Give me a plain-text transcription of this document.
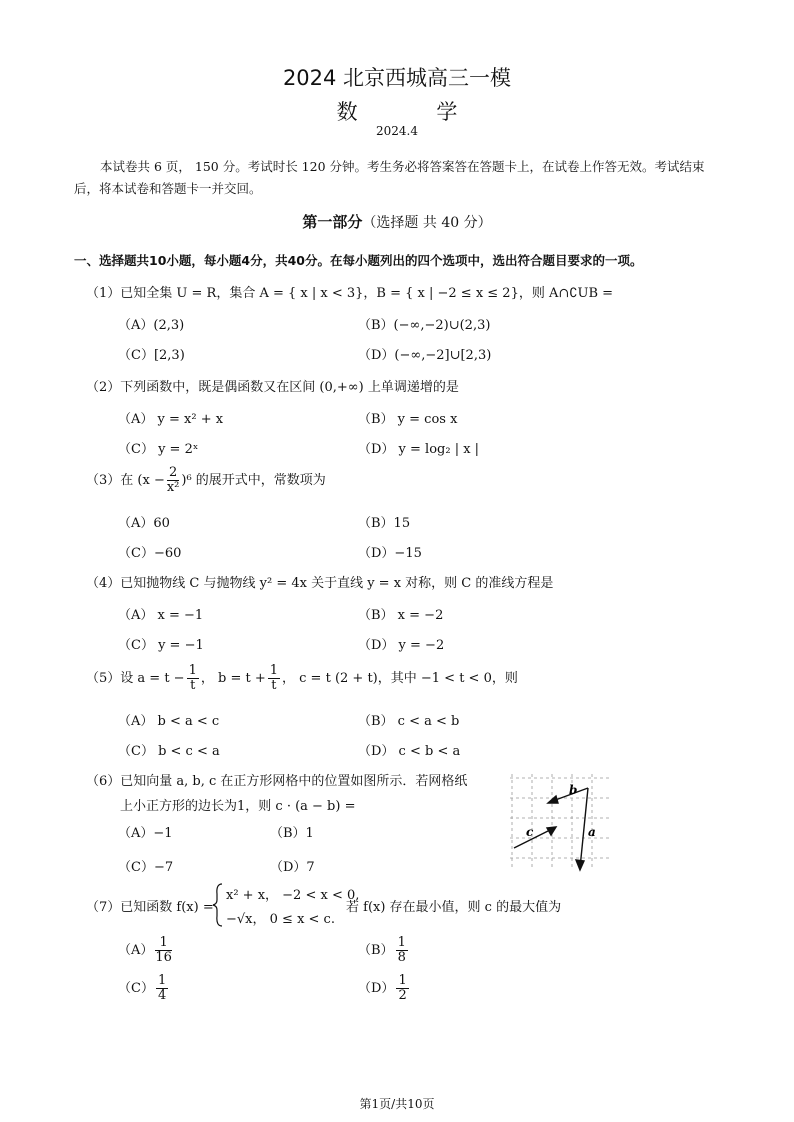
2024 北京西城高三一模
数 学
2024.4
本试卷共 6 页， 150 分。考试时长 120 分钟。考生务必将答案答在答题卡上，在试卷上作答无效。考试结束后，将本试卷和答题卡一并交回。
第一部分（选择题 共 40 分）
一、选择题共10小题，每小题4分，共40分。在每小题列出的四个选项中，选出符合题目要求的一项。
（1）已知全集 U = R，集合 A = { x | x < 3}，B = { x | −2 ≤ x ≤ 2}，则 A∩∁UB =
（A）(2,3)	（B）(−∞,−2)∪(2,3)
（C）[2,3)	（D）(−∞,−2]∪[2,3)
（2）下列函数中，既是偶函数又在区间 (0,+∞) 上单调递增的是
（A） y = x² + x	（B） y = cos x
（C） y = 2ˣ	（D） y = log₂ | x |
（3）在 $(x - \frac{2}{\text{x²}} )^6$ 的展开式中，常数项为
（A）60	（B）15
（C）−60	（D）−15
（4）已知抛物线 C 与抛物线 y² = 4x 关于直线 y = x 对称，则 C 的准线方程是
（A） x = −1	（B） x = −2
（C） y = −1	（D） y = −2
（5）设 $a = t - \frac{1}{t}$ ， $b = t + \frac{1}{t}$ ， c = t (2 + t)，其中 −1 < t < 0，则
（A） b < a < c	（B） c < a < b
（C） b < c < a	（D） c < b < a
（6）已知向量 a, b, c 在正方形网格中的位置如图所示．若网格纸
上小正方形的边长为1，则 c · (a − b) =
（A）−1	（B）1
（C）−7	（D）7
b
a
c
（7）已知函数 f(x) =
x² + x， −2 < x < 0,
−√x， 0 ≤ x < c.
若 f(x) 存在最小值，则 c 的最大值为
$(A) \frac{1}{16}$	$(B) \frac{1}{8}$
$(C) \frac{1}{4}$	$(D) \frac{1}{2}$
第1页/共10页
